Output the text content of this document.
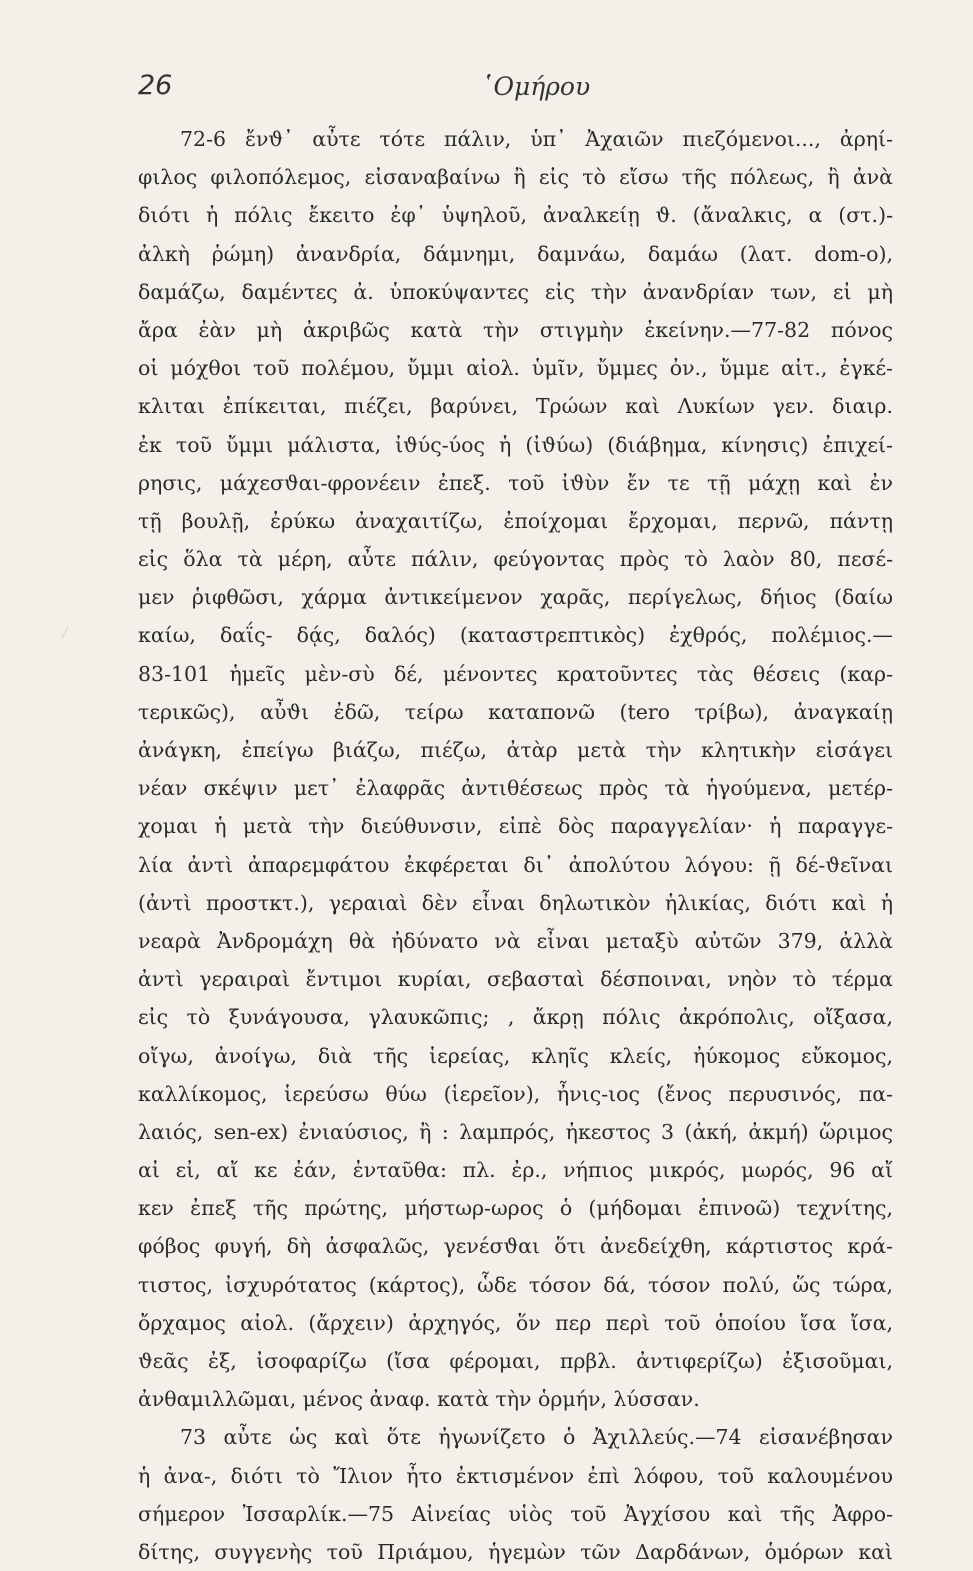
26	῾Ομήρου
72-6 ἔνϑ᾽ αὖτε τότε πάλιν, ὑπ᾽ Ἀχαιῶν πιεζόμενοι..., ἀρηί-
φιλος φιλοπόλεμος, εἰσαναβαίνω ἢ εἰς τὸ εἴσω τῆς πόλεως, ἢ ἀνὰ
διότι ἡ πόλις ἔκειτο ἐφ᾽ ὑψηλοῦ, ἀναλκείῃ ϑ. (ἄναλκις, α (στ.)-
ἀλκὴ ῥώμη) ἀνανδρία, δάμνημι, δαμνάω, δαμάω (λατ. dom-o),
δαμάζω, δαμέντες ἀ. ὑποκύψαντες εἰς τὴν ἀνανδρίαν των, εἰ μὴ
ἄρα ἐὰν μὴ ἀκριβῶς κατὰ τὴν στιγμὴν ἐκείνην.—77-82 πόνος
οἱ μόχθοι τοῦ πολέμου, ὔμμι αἰολ. ὑμῖν, ὔμμες ὀν., ὔμμε αἰτ., ἐγκέ-
κλιται ἐπίκειται, πιέζει, βαρύνει, Τρώων καὶ Λυκίων γεν. διαιρ.
ἐκ τοῦ ὔμμι μάλιστα, ἰϑύς-ύος ἡ (ἰϑύω) (διάβημα, κίνησις) ἐπιχεί-
ρησις, μάχεσϑαι-φρονέειν ἐπεξ. τοῦ ἰϑὺν ἔν τε τῇ μάχῃ καὶ ἐν
τῇ βουλῇ, ἐρύκω ἀναχαιτίζω, ἐποίχομαι ἔρχομαι, περνῶ, πάντῃ
εἰς ὅλα τὰ μέρη, αὖτε πάλιν, φεύγοντας πρὸς τὸ λαὸν 80, πεσέ-
μεν ῥιφθῶσι, χάρμα ἀντικείμενον χαρᾶς, περίγελως, δήιος (δαίω
καίω, δαΐς- δᾴς, δαλός) (καταστρεπτικὸς) ἐχθρός, πολέμιος.—
83-101 ἡμεῖς μὲν-σὺ δέ, μένοντες κρατοῦντες τὰς θέσεις (καρ-
τερικῶς), αὖϑι ἐδῶ, τείρω καταπονῶ (tero τρίβω), ἀναγκαίῃ
ἀνάγκη, ἐπείγω βιάζω, πιέζω, ἀτὰρ μετὰ τὴν κλητικὴν εἰσάγει
νέαν σκέψιν μετ᾽ ἐλαφρᾶς ἀντιθέσεως πρὸς τὰ ἡγούμενα, μετέρ-
χομαι ἡ μετὰ τὴν διεύθυνσιν, εἰπὲ δὸς παραγγελίαν· ἡ παραγγε-
λία ἀντὶ ἀπαρεμφάτου ἐκφέρεται δι᾽ ἀπολύτου λόγου: ῇ δέ-ϑεῖναι
(ἀντὶ προστκτ.), γεραιαὶ δὲν εἶναι δηλωτικὸν ἡλικίας, διότι καὶ ἡ
νεαρὰ Ἀνδρομάχη θὰ ἠδύνατο νὰ εἶναι μεταξὺ αὐτῶν 379, ἀλλὰ
ἀντὶ γεραιραὶ ἔντιμοι κυρίαι, σεβασταὶ δέσποιναι, νηὸν τὸ τέρμα
εἰς τὸ ξυνάγουσα, γλαυκῶπις; , ἄκρῃ πόλις ἀκρόπολις, οἴξασα,
οἴγω, ἀνοίγω, διὰ τῆς ἱερείας, κληῖς κλείς, ἠύκομος εὔκομος,
καλλίκομος, ἱερεύσω θύω (ἱερεῖον), ἦνις-ιος (ἔνος περυσινός, πα-
λαιός, sen-ex) ἐνιαύσιος, ἢ : λαμπρός, ἠκεστος 3 (ἀκή, ἀκμή) ὥριμος
αἰ εἰ, αἴ κε ἐάν, ἐνταῦθα: πλ. ἐρ., νήπιος μικρός, μωρός, 96 αἴ
κεν ἐπεξ τῆς πρώτης, μήστωρ-ωρος ὁ (μήδομαι ἐπινοῶ) τεχνίτης,
φόβος φυγή, δὴ ἀσφαλῶς, γενέσϑαι ὅτι ἀνεδείχθη, κάρτιστος κρά-
τιστος, ἰσχυρότατος (κάρτος), ὧδε τόσον δά, τόσον πολύ, ὥς τώρα,
ὄρχαμος αἰολ. (ἄρχειν) ἀρχηγός, ὅν περ περὶ τοῦ ὁποίου ἴσα ἴσα,
ϑεᾶς ἐξ, ἰσοφαρίζω (ἴσα φέρομαι, πρβλ. ἀντιφερίζω) ἐξισοῦμαι,
ἀνθαμιλλῶμαι, μένος ἀναφ. κατὰ τὴν ὁρμήν, λύσσαν.
73 αὖτε ὡς καὶ ὅτε ἠγωνίζετο ὁ Ἀχιλλεύς.—74 εἰσανέβησαν
ἡ ἀνα-, διότι τὸ Ἴλιον ἦτο ἐκτισμένον ἐπὶ λόφου, τοῦ καλουμένου
σήμερον Ἰσσαρλίκ.—75 Αἰνείας υἱὸς τοῦ Ἀγχίσου καὶ τῆς Ἀφρο-
δίτης, συγγενὴς τοῦ Πριάμου, ἡγεμὼν τῶν Δαρδάνων, ὁμόρων καὶ
